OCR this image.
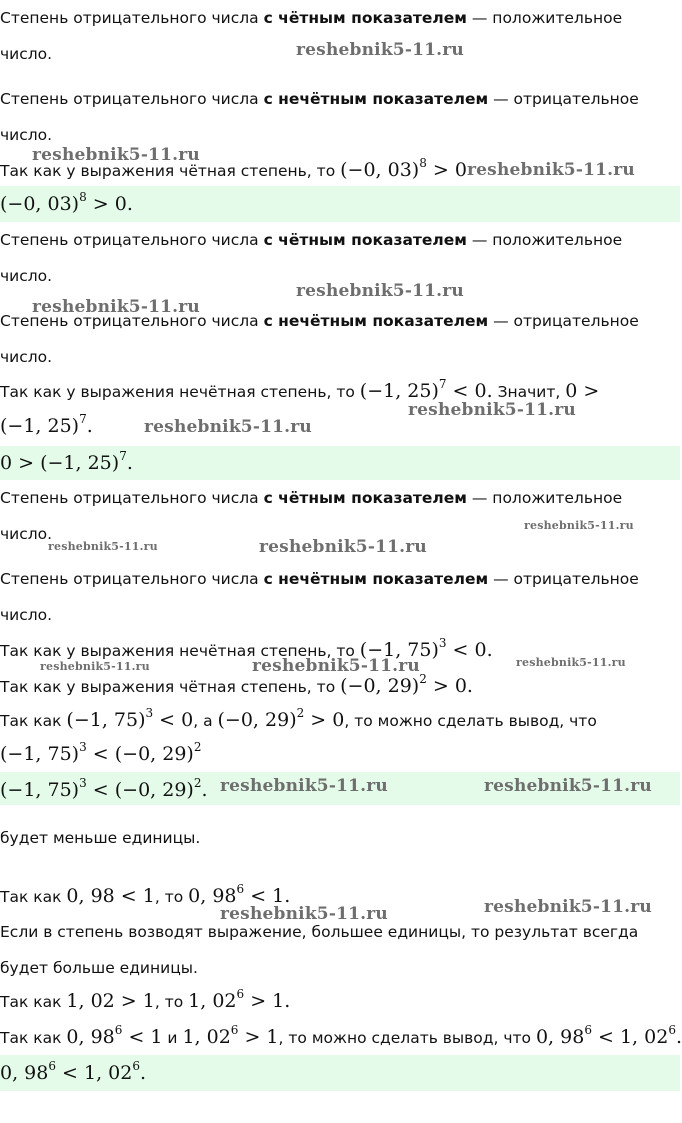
(−0, 03)$^8$ > 0.
0 > (−1, 25)$^7$.
(−1, 75)$^3$ < (−0, 29)$^2$.
0, $98^6 < 1$, $02^6$.
Степень отрицательного числа с чётным показателем — положительное
число.
Степень отрицательного числа с нечётным показателем — отрицательное
число.
Так как у выражения чётная степень, то (−0, 03)$^8$ > 0
Степень отрицательного числа с чётным показателем — положительное
число.
Степень отрицательного числа с нечётным показателем — отрицательное
число.
Так как у выражения нечётная степень, то (−1, 25)$^7$ < 0. Значит, 0 >
(−1, 25)$^7$.
Степень отрицательного числа с чётным показателем — положительное
число.
Степень отрицательного числа с нечётным показателем — отрицательное
число.
Так как у выражения нечётная степень, то (−1, 75)$^3$ < 0.
Так как у выражения чётная степень, то (−0, 29)$^2$ > 0.
Так как (−1, 75)$^3$ < 0, а (−0, 29)$^2$ > 0, то можно сделать вывод, что
(−1, 75)$^3$ < (−0, 29)$^2$
будет меньше единицы.
Так как 0, 98 < 1, то 0, $98^6 < 1$.
Если в степень возводят выражение, большее единицы, то результат всегда
будет больше единицы.
Так как 1, 02 > 1, то 1, $02^6 > 1$.
Так как 0, $98^6 < 1$ и 1, $02^6 > 1$, то можно сделать вывод, что 0, $98^6 < 1$, $02^6$.
reshebnik5-11.ru
reshebnik5-11.ru
reshebnik5-11.ru
reshebnik5-11.ru
reshebnik5-11.ru
reshebnik5-11.ru
reshebnik5-11.ru
reshebnik5-11.ru
reshebnik5-11.ru	reshebnik5-11.ru
reshebnik5-11.ru	reshebnik5-11.ru	reshebnik5-11.ru
reshebnik5-11.ru	reshebnik5-11.ru
reshebnik5-11.ru
reshebnik5-11.ru
